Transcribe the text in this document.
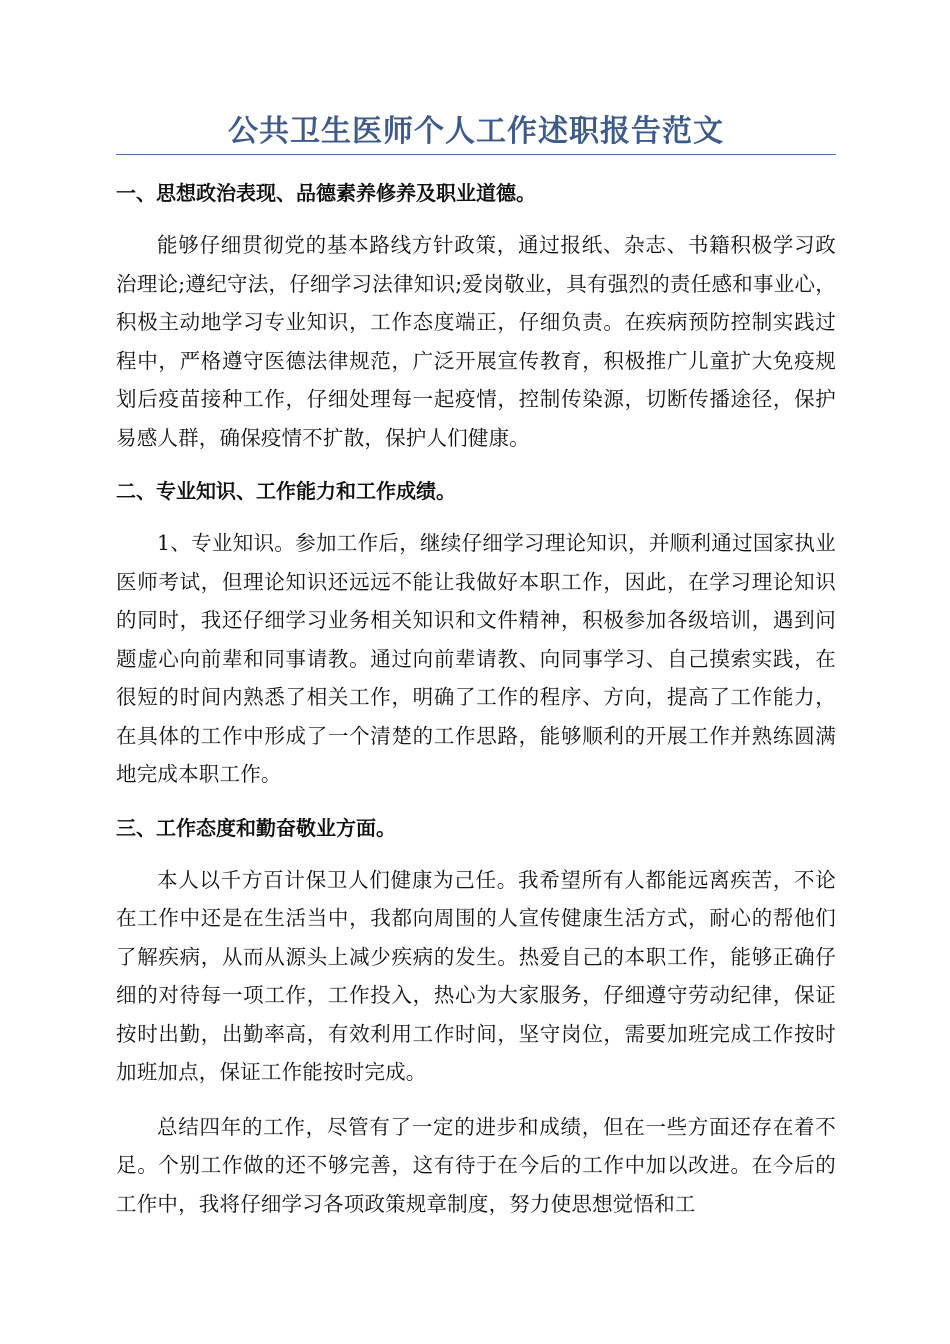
公共卫生医师个人工作述职报告范文

一、思想政治表现、品德素养修养及职业道德。

能够仔细贯彻党的基本路线方针政策，通过报纸、杂志、书籍积极学习政治理论;遵纪守法，仔细学习法律知识;爱岗敬业，具有强烈的责任感和事业心，积极主动地学习专业知识，工作态度端正，仔细负责。在疾病预防控制实践过程中，严格遵守医德法律规范，广泛开展宣传教育，积极推广儿童扩大免疫规划后疫苗接种工作，仔细处理每一起疫情，控制传染源，切断传播途径，保护易感人群，确保疫情不扩散，保护人们健康。

二、专业知识、工作能力和工作成绩。

1、专业知识。参加工作后，继续仔细学习理论知识，并顺利通过国家执业医师考试，但理论知识还远远不能让我做好本职工作，因此，在学习理论知识的同时，我还仔细学习业务相关知识和文件精神，积极参加各级培训，遇到问题虚心向前辈和同事请教。通过向前辈请教、向同事学习、自己摸索实践，在很短的时间内熟悉了相关工作，明确了工作的程序、方向，提高了工作能力，在具体的工作中形成了一个清楚的工作思路，能够顺利的开展工作并熟练圆满地完成本职工作。

三、工作态度和勤奋敬业方面。

本人以千方百计保卫人们健康为己任。我希望所有人都能远离疾苦，不论在工作中还是在生活当中，我都向周围的人宣传健康生活方式，耐心的帮他们了解疾病，从而从源头上减少疾病的发生。热爱自己的本职工作，能够正确仔细的对待每一项工作，工作投入，热心为大家服务，仔细遵守劳动纪律，保证按时出勤，出勤率高，有效利用工作时间，坚守岗位，需要加班完成工作按时加班加点，保证工作能按时完成。

总结四年的工作，尽管有了一定的进步和成绩，但在一些方面还存在着不足。个别工作做的还不够完善，这有待于在今后的工作中加以改进。在今后的工作中，我将仔细学习各项政策规章制度，努力使思想觉悟和工
